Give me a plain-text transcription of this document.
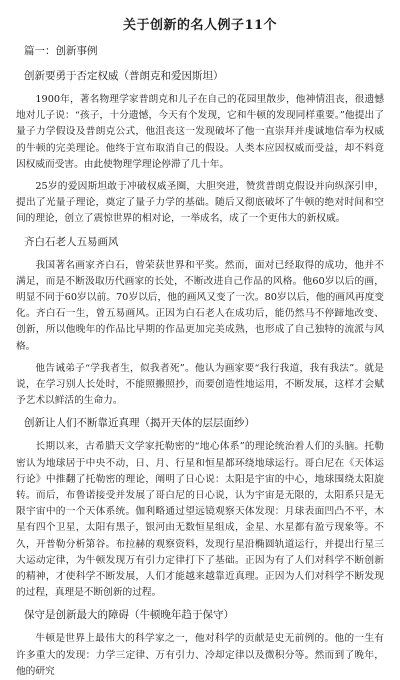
关于创新的名人例子11个
篇一：创新事例
创新要勇于否定权威（普朗克和爱因斯坦）

1900年，著名物理学家普朗克和儿子在自己的花园里散步，他神情沮丧，很遗憾地对儿子说：“孩子，十分遗憾，今天有个发现，它和牛顿的发现同样重要。”他提出了量子力学假设及普朗克公式，他沮丧这一发现破坏了他一直崇拜并虔诚地信奉为权威的牛顿的完美理论。他终于宣布取消自己的假设。人类本应因权威而受益，却不料竟因权威而受害。由此使物理学理论停滞了几十年。

25岁的爱因斯坦敢于冲破权威圣圈，大胆突进，赞赏普朗克假设并向纵深引申，提出了光量子理论，奠定了量子力学的基础。随后又彻底破坏了牛顿的绝对时间和空间的理论，创立了震惊世界的相对论，一举成名，成了一个更伟大的新权威。

齐白石老人五易画风

我国著名画家齐白石，曾荣获世界和平奖。然而，面对已经取得的成功，他并不满足，而是不断汲取历代画家的长处，不断改进自己作品的风格。他60岁以后的画，明显不同于60岁以前。70岁以后，他的画风又变了一次。80岁以后，他的画风再度变化。齐白石一生，曾五易画风。正因为白石老人在成功后，能仍然马不停蹄地改变、创新，所以他晚年的作品比早期的作品更加完美成熟，也形成了自己独特的流派与风格。

他告诫弟子“学我者生，似我者死”。他认为画家要“我行我道，我有我法”。就是说，在学习别人长处时，不能照搬照抄，而要创造性地运用，不断发展，这样才会赋予艺术以鲜活的生命力。

创新让人们不断靠近真理（揭开天体的层层面纱）

长期以来，古希腊天文学家托勒密的“地心体系”的理论统治着人们的头脑。托勒密认为地球居于中央不动，日、月、行星和恒星都环绕地球运行。哥白尼在《天体运行论》中推翻了托勒密的理论，阐明了日心说：太阳是宇宙的中心，地球围绕太阳旋转。而后，布鲁诺接受并发展了哥白尼的日心说，认为宇宙是无限的，太阳系只是无限宇宙中的一个天体系统。伽利略通过望远镜观察天体发现：月球表面凹凸不平，木星有四个卫星，太阳有黑子，银河由无数恒星组成，金星、水星都有盈亏现象等。不久，开普勒分析第谷。布拉赫的观察资料，发现行星沿椭圆轨道运行，并提出行星三大运动定律，为牛顿发现万有引力定律打下了基础。正因为有了人们对科学不断创新的精神，才使科学不断发展，人们才能越来越靠近真理。正因为人们对科学不断发现的过程，真理是不断创新的过程。

保守是创新最大的障碍（牛顿晚年趋于保守）

牛顿是世界上最伟大的科学家之一，他对科学的贡献是史无前例的。他的一生有许多重大的发现：力学三定律、万有引力、冷却定律以及微积分等。然而到了晚年，他的研究
